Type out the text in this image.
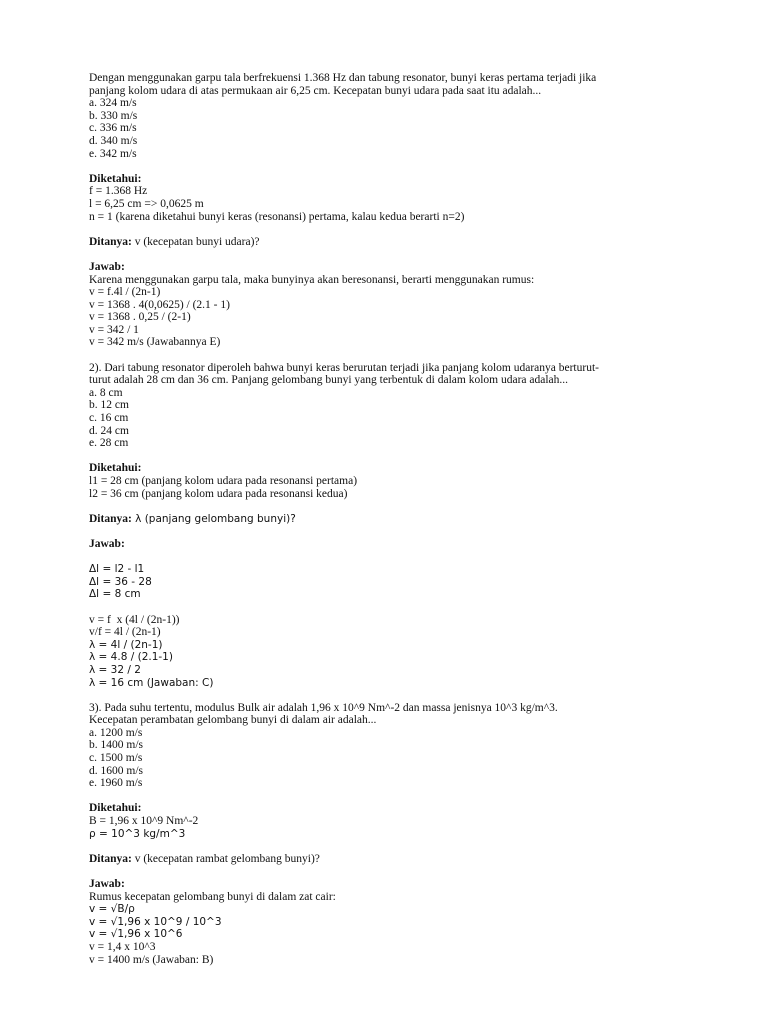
Dengan menggunakan garpu tala berfrekuensi 1.368 Hz dan tabung resonator, bunyi keras pertama terjadi jika
panjang kolom udara di atas permukaan air 6,25 cm. Kecepatan bunyi udara pada saat itu adalah...
a. 324 m/s
b. 330 m/s
c. 336 m/s
d. 340 m/s
e. 342 m/s
Diketahui:
f = 1.368 Hz
l = 6,25 cm => 0,0625 m
n = 1 (karena diketahui bunyi keras (resonansi) pertama, kalau kedua berarti n=2)
Ditanya: v (kecepatan bunyi udara)?
Jawab:
Karena menggunakan garpu tala, maka bunyinya akan beresonansi, berarti menggunakan rumus:
v = f.4l / (2n-1)
v = 1368 . 4(0,0625) / (2.1 - 1)
v = 1368 . 0,25 / (2-1)
v = 342 / 1
v = 342 m/s (Jawabannya E)
2). Dari tabung resonator diperoleh bahwa bunyi keras berurutan terjadi jika panjang kolom udaranya berturut-
turut adalah 28 cm dan 36 cm. Panjang gelombang bunyi yang terbentuk di dalam kolom udara adalah...
a. 8 cm
b. 12 cm
c. 16 cm
d. 24 cm
e. 28 cm
Diketahui:
l1 = 28 cm (panjang kolom udara pada resonansi pertama)
l2 = 36 cm (panjang kolom udara pada resonansi kedua)
Ditanya: λ (panjang gelombang bunyi)?
Jawab:
Δl = l2 - l1
Δl = 36 - 28
Δl = 8 cm
v = f  x (4l / (2n-1))
v/f = 4l / (2n-1)
λ = 4l / (2n-1)
λ = 4.8 / (2.1-1)
λ = 32 / 2
λ = 16 cm (Jawaban: C)
3). Pada suhu tertentu, modulus Bulk air adalah 1,96 x 10^9 Nm^-2 dan massa jenisnya 10^3 kg/m^3.
Kecepatan perambatan gelombang bunyi di dalam air adalah...
a. 1200 m/s
b. 1400 m/s
c. 1500 m/s
d. 1600 m/s
e. 1960 m/s
Diketahui:
B = 1,96 x 10^9 Nm^-2
ρ = 10^3 kg/m^3
Ditanya: v (kecepatan rambat gelombang bunyi)?
Jawab:
Rumus kecepatan gelombang bunyi di dalam zat cair:
v = √B/ρ
v = √1,96 x 10^9 / 10^3
v = √1,96 x 10^6
v = 1,4 x 10^3
v = 1400 m/s (Jawaban: B)
